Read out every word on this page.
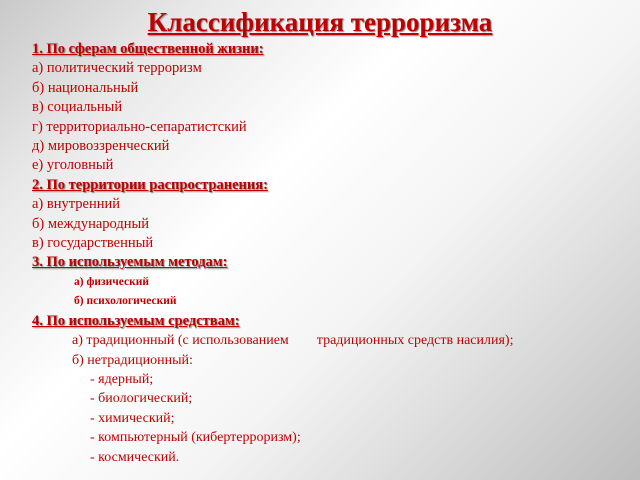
Классификация терроризма
1. По сферам общественной жизни:
а) политический терроризм
б) национальный
в) социальный
г) территориально-сепаратистский
д) мировоззренческий
е) уголовный
2. По территории распространения:
а) внутренний
б) международный
в) государственный
3. По используемым методам:
а) физический
б) психологический
4. По используемым средствам:
а) традиционный (с использованием традиционных средств насилия);
б) нетрадиционный:
- ядерный;
- биологический;
- химический;
- компьютерный (кибертерроризм);
- космический.
